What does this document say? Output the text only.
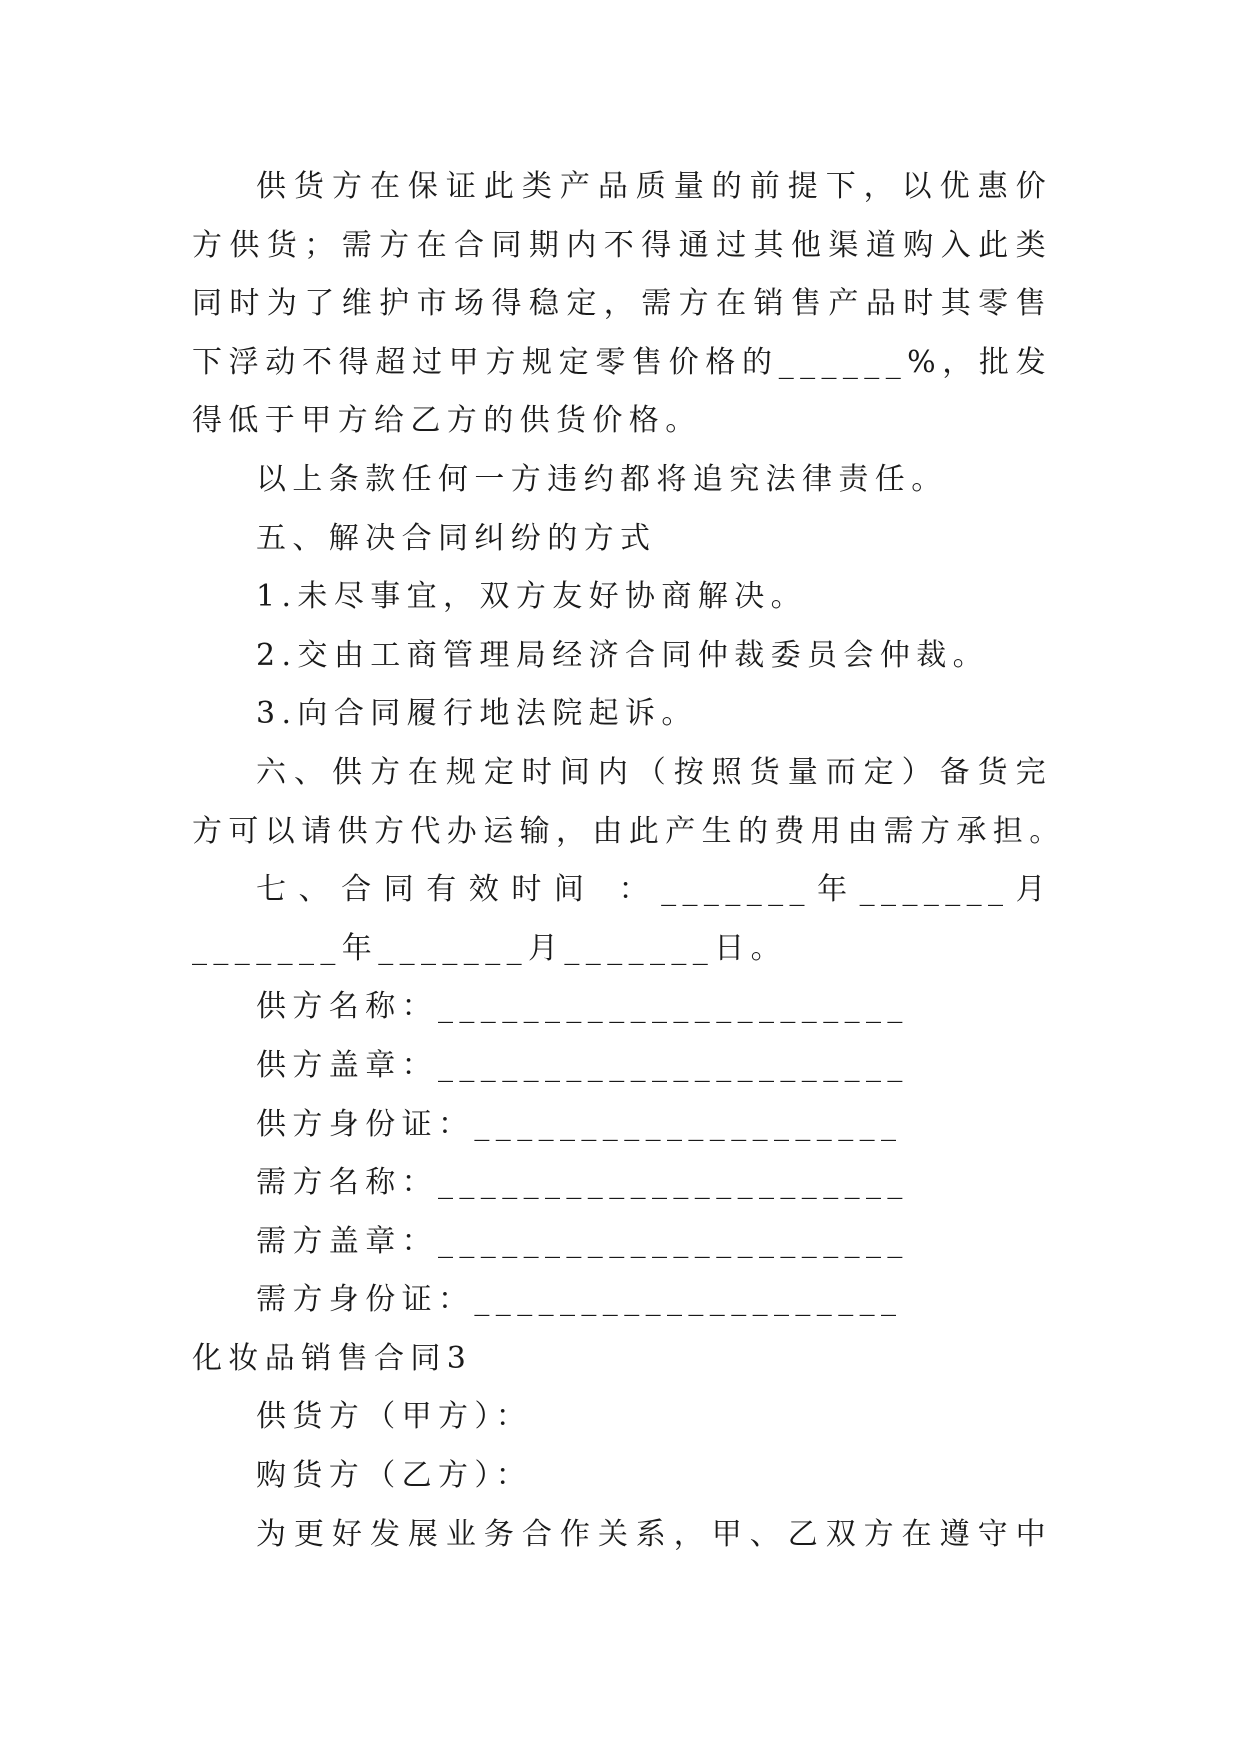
供货方在保证此类产品质量的前提下，以优惠价

方供货；需方在合同期内不得通过其他渠道购入此类

同时为了维护市场得稳定，需方在销售产品时其零售

下浮动不得超过甲方规定零售价格的______%，批发

得低于甲方给乙方的供货价格。

以上条款任何一方违约都将追究法律责任。

五、解决合同纠纷的方式

1.未尽事宜，双方友好协商解决。

2.交由工商管理局经济合同仲裁委员会仲裁。

3.向合同履行地法院起诉。

六、供方在规定时间内（按照货量而定）备货完

方可以请供方代办运输，由此产生的费用由需方承担。

七、合同有效时间 ：_______年_______月

_______年_______月_______日。

供方名称：______________________

供方盖章：______________________

供方身份证：____________________

需方名称：______________________

需方盖章：______________________

需方身份证：____________________

化妆品销售合同3

供货方（甲方）：

购货方（乙方）：

为更好发展业务合作关系，甲、乙双方在遵守中
